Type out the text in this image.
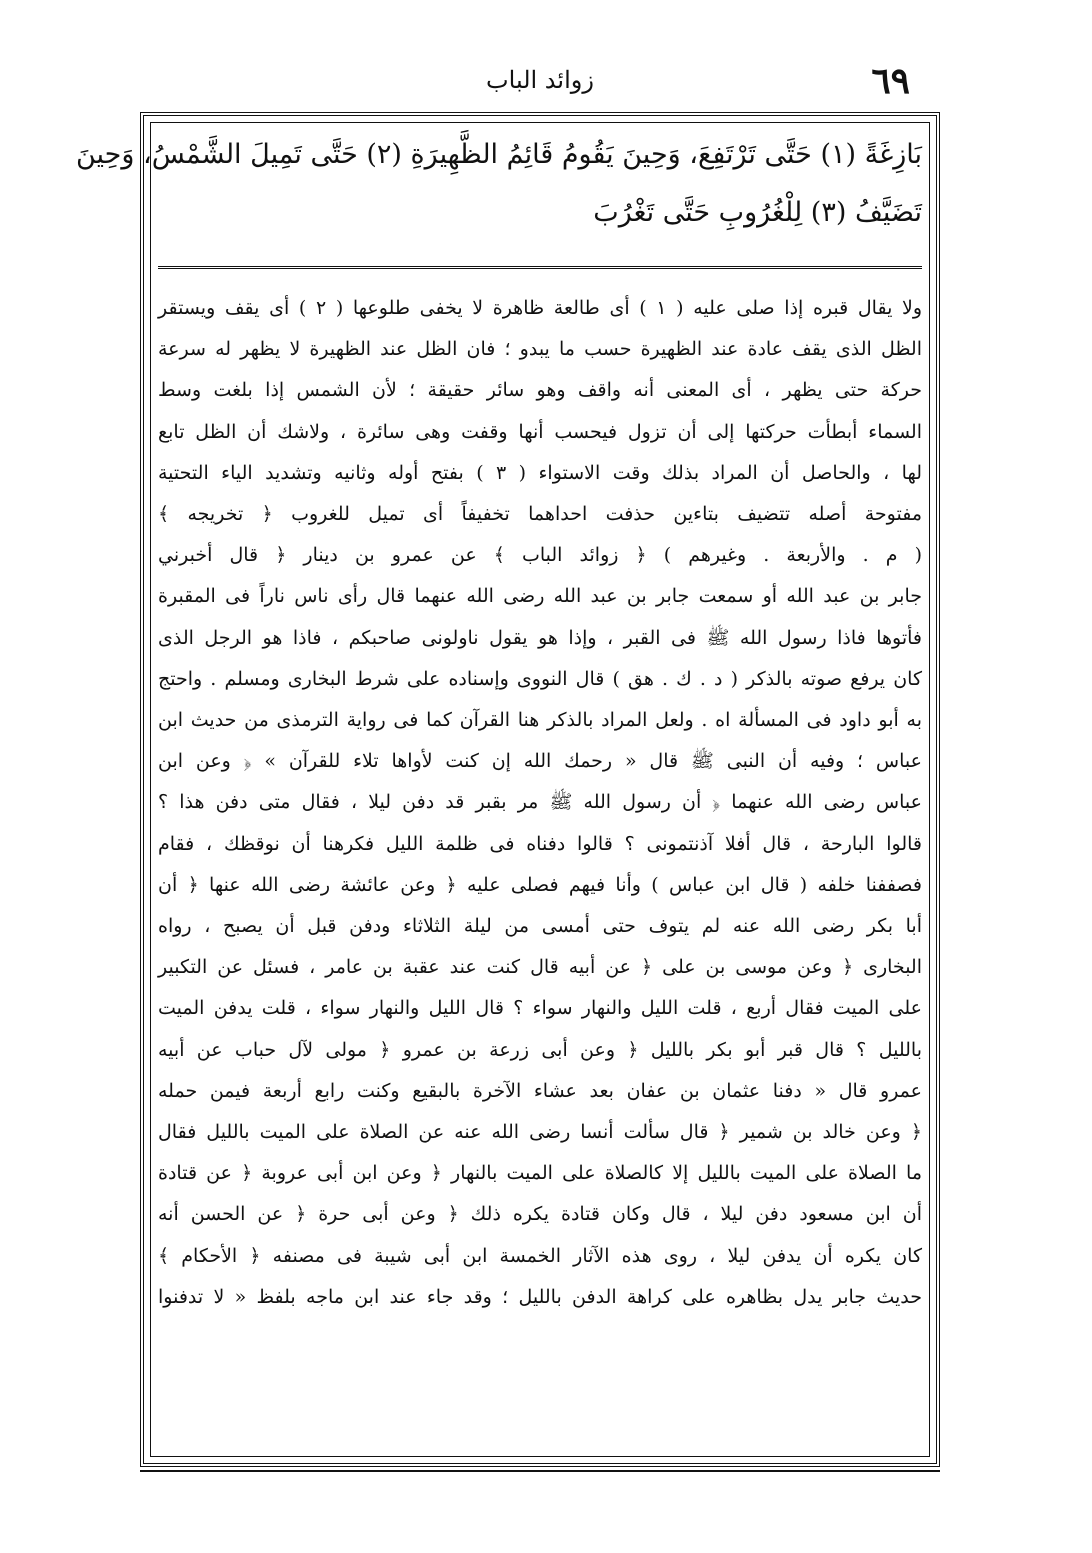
٦٩
زوائد الباب
بَازِغَةً (١) حَتَّى تَرْتَفِعَ، وَحِينَ يَقُومُ قَائِمُ الظَّهِيرَةِ (٢) حَتَّى تَمِيلَ الشَّمْسُ، وَحِينَ
تَضَيَّفُ (٣) لِلْغُرُوبِ حَتَّى تَغْرُبَ
ولا يقال قبره إذا صلى عليه ( ١ ) أى طالعة ظاهرة لا يخفى طلوعها ( ٢ ) أى يقف ويستقر
الظل الذى يقف عادة عند الظهيرة حسب ما يبدو ؛ فان الظل عند الظهيرة لا يظهر له سرعة
حركة حتى يظهر ، أى المعنى أنه واقف وهو سائر حقيقة ؛ لأن الشمس إذا بلغت وسط
السماء أبطأت حركتها إلى أن تزول فيحسب أنها وقفت وهى سائرة ، ولاشك أن الظل تابع
لها ، والحاصل أن المراد بذلك وقت الاستواء ( ٣ ) بفتح أوله وثانيه وتشديد الياء التحتية
مفتوحة أصله تتضيف بتاءين حذفت احداهما تخفيفاً أى تميل للغروب ﴿ تخريجه ﴾
( م . والأربعة . وغيرهم ) ﴿ زوائد الباب ﴾ عن عمرو بن دينار ﴿ قال أخبرني
جابر بن عبد الله أو سمعت جابر بن عبد الله رضى الله عنهما قال رأى ناس ناراً فى المقبرة
فأتوها فاذا رسول الله ﷺ فى القبر ، وإذا هو يقول ناولونى صاحبكم ، فاذا هو الرجل الذى
كان يرفع صوته بالذكر ( د . ك . هق ) قال النووى وإسناده على شرط البخارى ومسلم . واحتج
به أبو داود فى المسألة اه . ولعل المراد بالذكر هنا القرآن كما فى رواية الترمذى من حديث ابن
عباس ؛ وفيه أن النبى ﷺ قال « رحمك الله إن كنت لأواها تلاء للقرآن » ﴿ وعن ابن
عباس رضى الله عنهما ﴿ أن رسول الله ﷺ مر بقبر قد دفن ليلا ، فقال متى دفن هذا ؟
قالوا البارحة ، قال أفلا آذنتمونى ؟ قالوا دفناه فى ظلمة الليل فكرهنا أن نوقظك ، فقام
فصففنا خلفه ( قال ابن عباس ) وأنا فيهم فصلى عليه ﴿ وعن عائشة رضى الله عنها ﴿ أن
أبا بكر رضى الله عنه لم يتوف حتى أمسى من ليلة الثلاثاء ودفن قبل أن يصبح ، رواه
البخارى ﴿ وعن موسى بن على ﴿ عن أبيه قال كنت عند عقبة بن عامر ، فسئل عن التكبير
على الميت فقال أربع ، قلت الليل والنهار سواء ؟ قال الليل والنهار سواء ، قلت يدفن الميت
بالليل ؟ قال قبر أبو بكر بالليل ﴿ وعن أبى زرعة بن عمرو ﴿ مولى لآل حباب عن أبيه
عمرو قال « دفنا عثمان بن عفان بعد عشاء الآخرة بالبقيع وكنت رابع أربعة فيمن حمله
﴿ وعن خالد بن شمير ﴿ قال سألت أنسا رضى الله عنه عن الصلاة على الميت بالليل فقال
ما الصلاة على الميت بالليل إلا كالصلاة على الميت بالنهار ﴿ وعن ابن أبى عروبة ﴿ عن قتادة
أن ابن مسعود دفن ليلا ، قال وكان قتادة يكره ذلك ﴿ وعن أبى حرة ﴿ عن الحسن أنه
كان يكره أن يدفن ليلا ، روى هذه الآثار الخمسة ابن أبى شيبة فى مصنفه ﴿ الأحكام ﴾
حديث جابر يدل بظاهره على كراهة الدفن بالليل ؛ وقد جاء عند ابن ماجه بلفظ « لا تدفنوا
